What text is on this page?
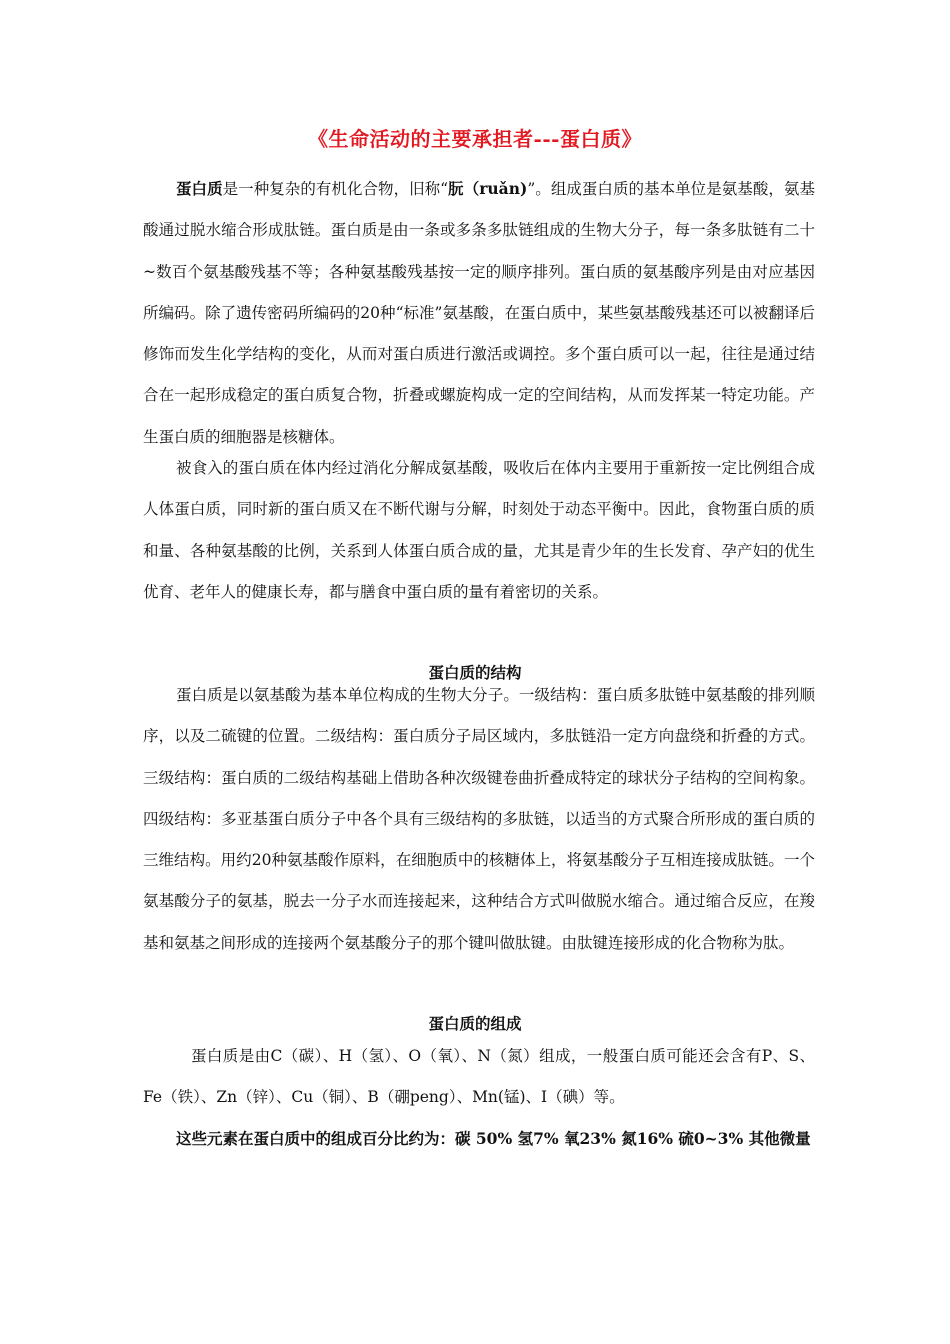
《生命活动的主要承担者---蛋白质》

蛋白质是一种复杂的有机化合物，旧称“朊（ruǎn)”。组成蛋白质的基本单位是氨基酸，氨基酸通过脱水缩合形成肽链。蛋白质是由一条或多条多肽链组成的生物大分子，每一条多肽链有二十~数百个氨基酸残基不等；各种氨基酸残基按一定的顺序排列。蛋白质的氨基酸序列是由对应基因所编码。除了遗传密码所编码的20种“标准”氨基酸，在蛋白质中，某些氨基酸残基还可以被翻译后修饰而发生化学结构的变化，从而对蛋白质进行激活或调控。多个蛋白质可以一起，往往是通过结合在一起形成稳定的蛋白质复合物，折叠或螺旋构成一定的空间结构，从而发挥某一特定功能。产生蛋白质的细胞器是核糖体。

被食入的蛋白质在体内经过消化分解成氨基酸，吸收后在体内主要用于重新按一定比例组合成人体蛋白质，同时新的蛋白质又在不断代谢与分解，时刻处于动态平衡中。因此，食物蛋白质的质和量、各种氨基酸的比例，关系到人体蛋白质合成的量，尤其是青少年的生长发育、孕产妇的优生优育、老年人的健康长寿，都与膳食中蛋白质的量有着密切的关系。

蛋白质的结构

蛋白质是以氨基酸为基本单位构成的生物大分子。一级结构：蛋白质多肽链中氨基酸的排列顺序，以及二硫键的位置。二级结构：蛋白质分子局区域内，多肽链沿一定方向盘绕和折叠的方式。三级结构：蛋白质的二级结构基础上借助各种次级键卷曲折叠成特定的球状分子结构的空间构象。四级结构：多亚基蛋白质分子中各个具有三级结构的多肽链，以适当的方式聚合所形成的蛋白质的三维结构。用约20种氨基酸作原料，在细胞质中的核糖体上，将氨基酸分子互相连接成肽链。一个氨基酸分子的氨基，脱去一分子水而连接起来，这种结合方式叫做脱水缩合。通过缩合反应，在羧基和氨基之间形成的连接两个氨基酸分子的那个键叫做肽键。由肽键连接形成的化合物称为肽。

蛋白质的组成

蛋白质是由C（碳）、H（氢）、O（氧）、N（氮）组成，一般蛋白质可能还会含有P、S、Fe（铁）、Zn（锌）、Cu（铜）、B（硼peng）、Mn(锰)、I（碘）等。

这些元素在蛋白质中的组成百分比约为：碳 50% 氢7% 氧23% 氮16% 硫0~3% 其他微量
